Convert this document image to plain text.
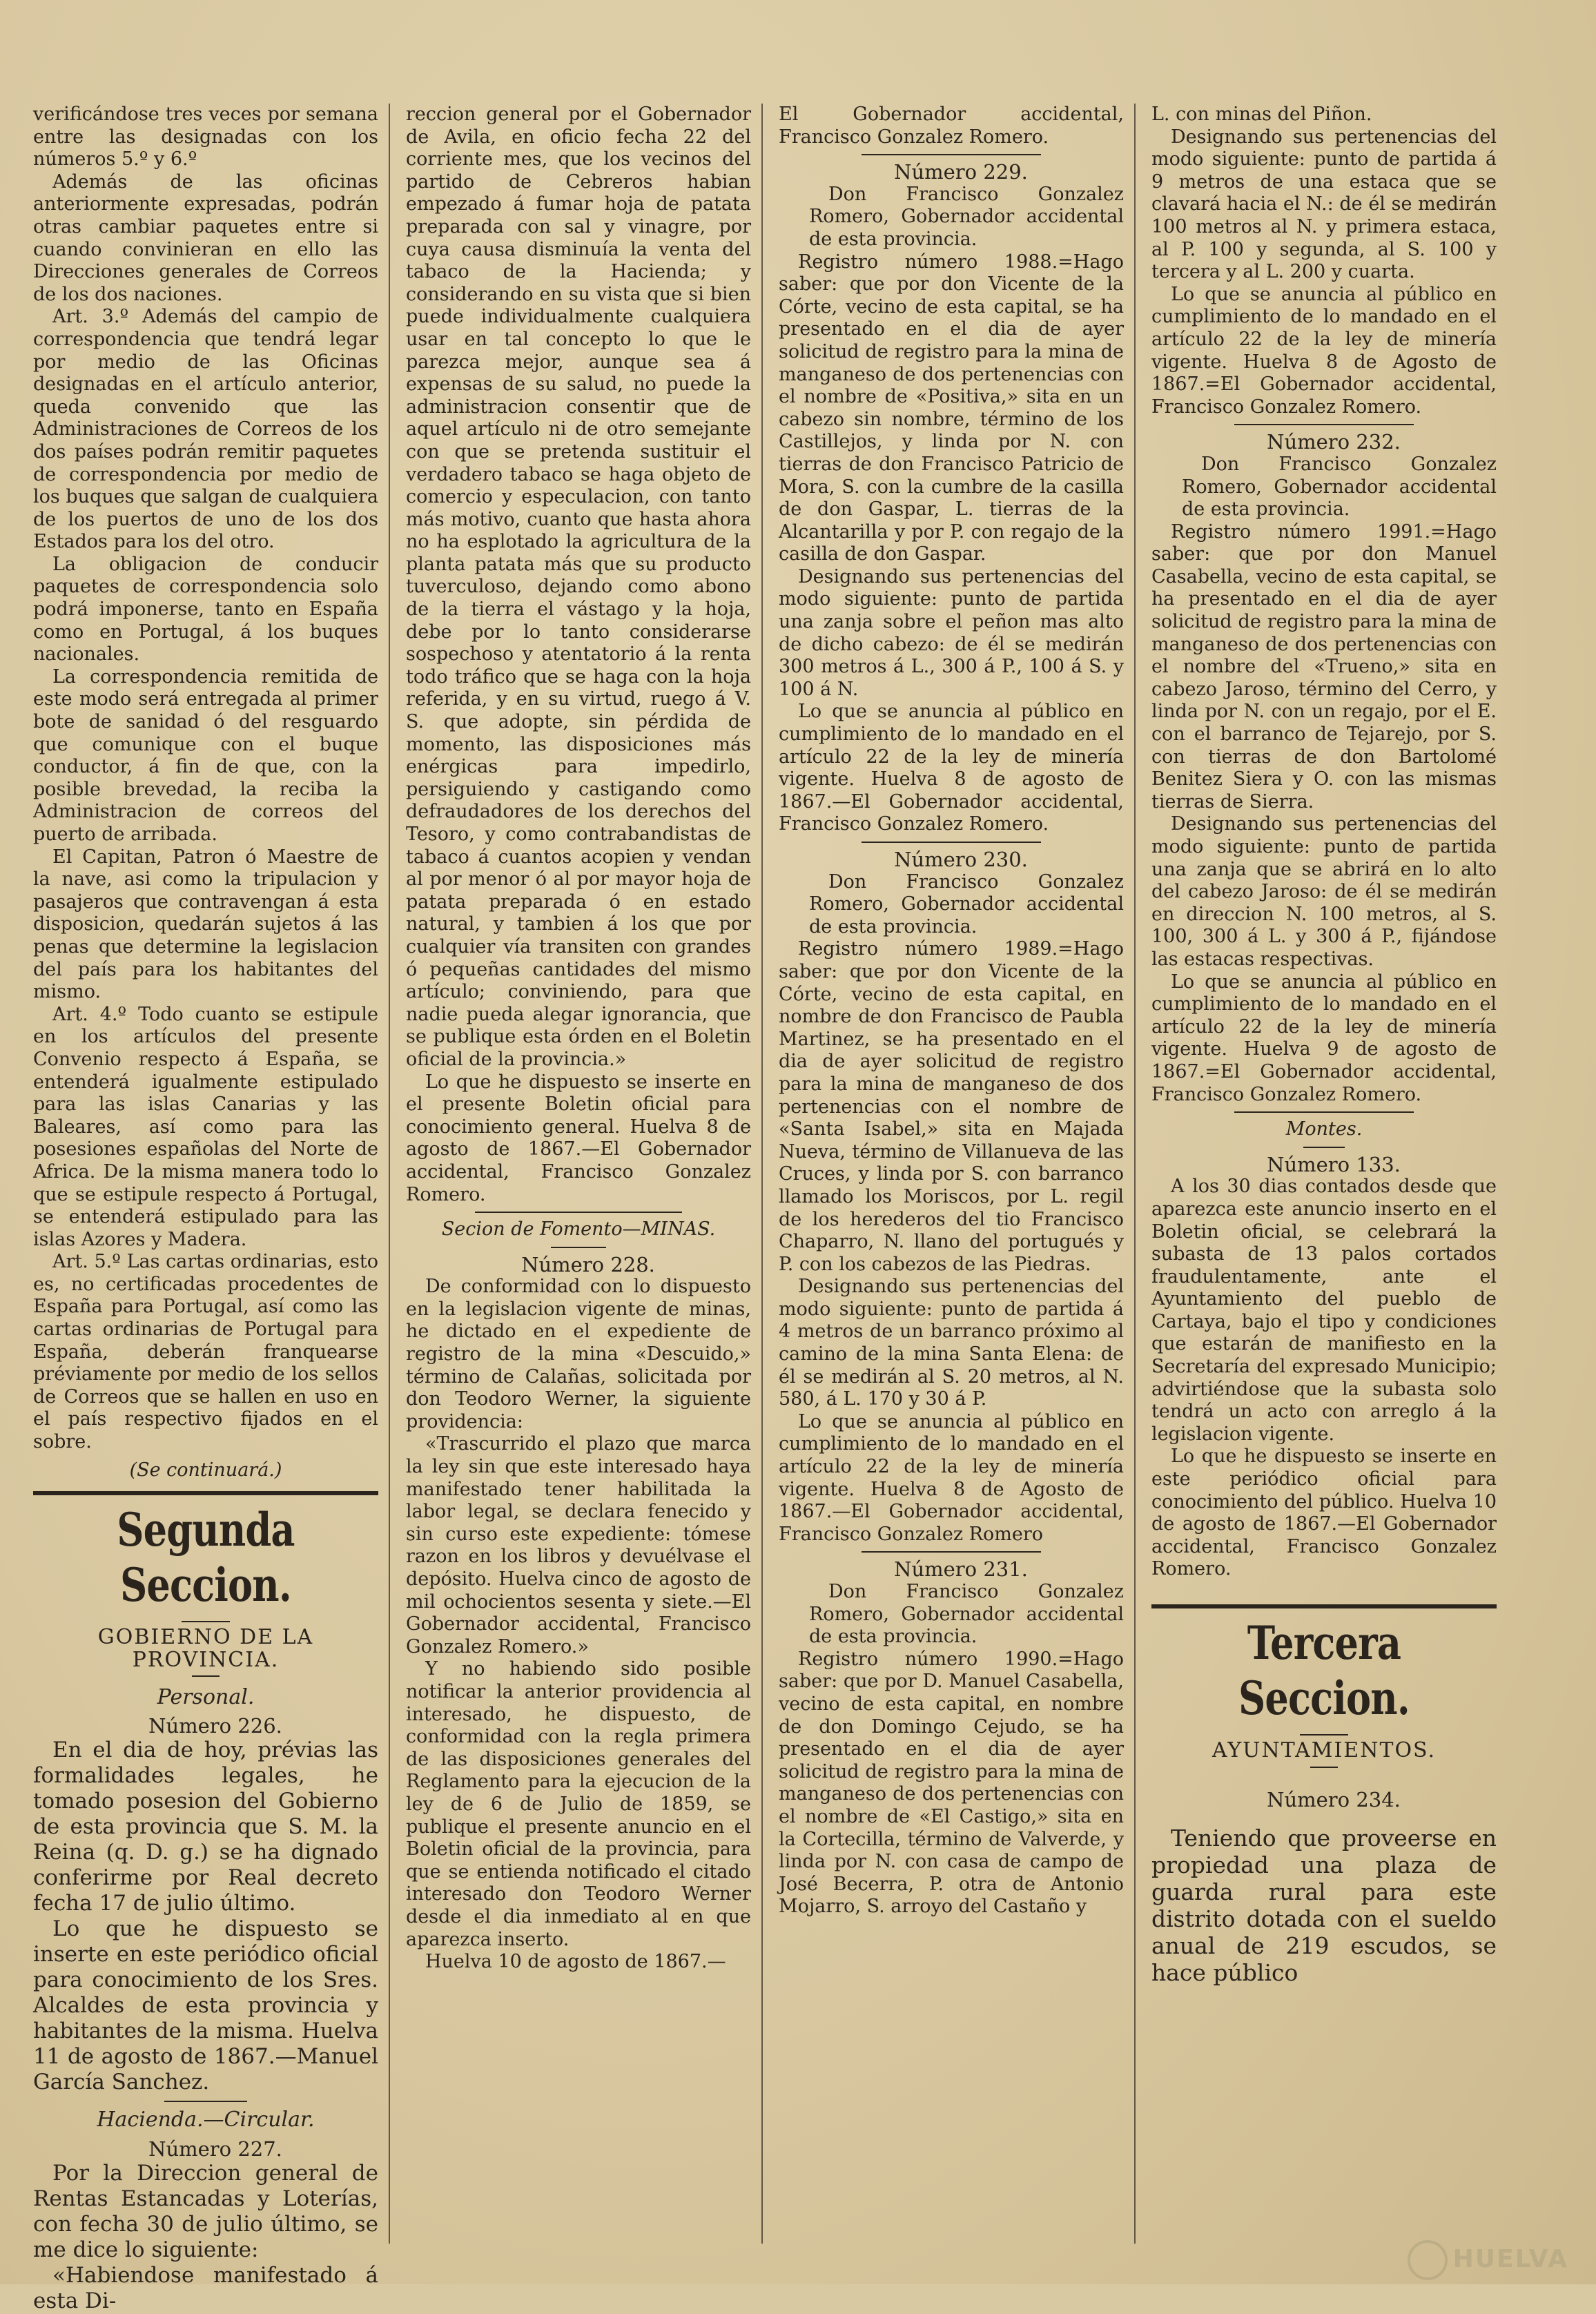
verificándose tres veces por semana entre las designadas con los números 5.º y 6.º

Además de las oficinas anteriormente expresadas, podrán otras cambiar paquetes entre si cuando convinieran en ello las Direcciones generales de Correos de los dos naciones.

Art. 3.º Además del campio de correspondencia que tendrá legar por medio de las Oficinas designadas en el artículo anterior, queda convenido que las Administraciones de Correos de los dos países podrán remitir paquetes de correspondencia por medio de los buques que salgan de cualquiera de los puertos de uno de los dos Estados para los del otro.

La obligacion de conducir paquetes de correspondencia solo podrá imponerse, tanto en España como en Portugal, á los buques nacionales.

La correspondencia remitida de este modo será entregada al primer bote de sanidad ó del resguardo que comunique con el buque conductor, á fin de que, con la posible brevedad, la reciba la Administracion de correos del puerto de arribada.

El Capitan, Patron ó Maestre de la nave, asi como la tripulacion y pasajeros que contravengan á esta disposicion, quedarán sujetos á las penas que determine la legislacion del país para los habitantes del mismo.

Art. 4.º Todo cuanto se estipule en los artículos del presente Convenio respecto á España, se entenderá igualmente estipulado para las islas Canarias y las Baleares, así como para las posesiones españolas del Norte de Africa. De la misma manera todo lo que se estipule respecto á Portugal, se entenderá estipulado para las islas Azores y Madera.

Art. 5.º Las cartas ordinarias, esto es, no certificadas procedentes de España para Portugal, así como las cartas ordinarias de Portugal para España, deberán franquearse préviamente por medio de los sellos de Correos que se hallen en uso en el país respectivo fijados en el sobre.

(Se continuará.)

Segunda Seccion.
GOBIERNO DE LA PROVINCIA.

Personal.

Número 226.

En el dia de hoy, prévias las formalidades legales, he tomado posesion del Gobierno de esta provincia que S. M. la Reina (q. D. g.) se ha dignado conferirme por Real decreto fecha 17 de julio último.

Lo que he dispuesto se inserte en este periódico oficial para conocimiento de los Sres. Alcaldes de esta provincia y habitantes de la misma. Huelva 11 de agosto de 1867.—Manuel García Sanchez.

Hacienda.—Circular.

Número 227.

Por la Direccion general de Rentas Estancadas y Loterías, con fecha 30 de julio último, se me dice lo siguiente:

«Habiendose manifestado á esta Di-

reccion general por el Gobernador de Avila, en oficio fecha 22 del corriente mes, que los vecinos del partido de Cebreros habian empezado á fumar hoja de patata preparada con sal y vinagre, por cuya causa disminuía la venta del tabaco de la Hacienda; y considerando en su vista que si bien puede individualmente cualquiera usar en tal concepto lo que le parezca mejor, aunque sea á expensas de su salud, no puede la administracion consentir que de aquel artículo ni de otro semejante con que se pretenda sustituir el verdadero tabaco se haga objeto de comercio y especulacion, con tanto más motivo, cuanto que hasta ahora no ha esplotado la agricultura de la planta patata más que su producto tuverculoso, dejando como abono de la tierra el vástago y la hoja, debe por lo tanto considerarse sospechoso y atentatorio á la renta todo tráfico que se haga con la hoja referida, y en su virtud, ruego á V. S. que adopte, sin pérdida de momento, las disposiciones más enérgicas para impedirlo, persiguiendo y castigando como defraudadores de los derechos del Tesoro, y como contrabandistas de tabaco á cuantos acopien y vendan al por menor ó al por mayor hoja de patata preparada ó en estado natural, y tambien á los que por cualquier vía transiten con grandes ó pequeñas cantidades del mismo artículo; conviniendo, para que nadie pueda alegar ignorancia, que se publique esta órden en el Boletin oficial de la provincia.»

Lo que he dispuesto se inserte en el presente Boletin oficial para conocimiento general. Huelva 8 de agosto de 1867.—El Gobernador accidental, Francisco Gonzalez Romero.

Secion de Fomento—MINAS.

Número 228.

De conformidad con lo dispuesto en la legislacion vigente de minas, he dictado en el expediente de registro de la mina «Descuido,» término de Calañas, solicitada por don Teodoro Werner, la siguiente providencia:

«Trascurrido el plazo que marca la ley sin que este interesado haya manifestado tener habilitada la labor legal, se declara fenecido y sin curso este expediente: tómese razon en los libros y devuélvase el depósito. Huelva cinco de agosto de mil ochocientos sesenta y siete.—El Gobernador accidental, Francisco Gonzalez Romero.»

Y no habiendo sido posible notificar la anterior providencia al interesado, he dispuesto, de conformidad con la regla primera de las disposiciones generales del Reglamento para la ejecucion de la ley de 6 de Julio de 1859, se publique el presente anuncio en el Boletin oficial de la provincia, para que se entienda notificado el citado interesado don Teodoro Werner desde el dia inmediato al en que aparezca inserto.

Huelva 10 de agosto de 1867.—

El Gobernador accidental, Francisco Gonzalez Romero.

Número 229.

Don Francisco Gonzalez Romero, Gobernador accidental de esta provincia.

Registro número 1988.=Hago saber: que por don Vicente de la Córte, vecino de esta capital, se ha presentado en el dia de ayer solicitud de registro para la mina de manganeso de dos pertenencias con el nombre de «Positiva,» sita en un cabezo sin nombre, término de los Castillejos, y linda por N. con tierras de don Francisco Patricio de Mora, S. con la cumbre de la casilla de don Gaspar, L. tierras de la Alcantarilla y por P. con regajo de la casilla de don Gaspar.

Designando sus pertenencias del modo siguiente: punto de partida una zanja sobre el peñon mas alto de dicho cabezo: de él se medirán 300 metros á L., 300 á P., 100 á S. y 100 á N.

Lo que se anuncia al público en cumplimiento de lo mandado en el artículo 22 de la ley de minería vigente. Huelva 8 de agosto de 1867.—El Gobernador accidental, Francisco Gonzalez Romero.

Número 230.

Don Francisco Gonzalez Romero, Gobernador accidental de esta provincia.

Registro número 1989.=Hago saber: que por don Vicente de la Córte, vecino de esta capital, en nombre de don Francisco de Paubla Martinez, se ha presentado en el dia de ayer solicitud de registro para la mina de manganeso de dos pertenencias con el nombre de «Santa Isabel,» sita en Majada Nueva, término de Villanueva de las Cruces, y linda por S. con barranco llamado los Moriscos, por L. regil de los herederos del tio Francisco Chaparro, N. llano del portugués y P. con los cabezos de las Piedras.

Designando sus pertenencias del modo siguiente: punto de partida á 4 metros de un barranco próximo al camino de la mina Santa Elena: de él se medirán al S. 20 metros, al N. 580, á L. 170 y 30 á P.

Lo que se anuncia al público en cumplimiento de lo mandado en el artículo 22 de la ley de minería vigente. Huelva 8 de Agosto de 1867.—El Gobernador accidental, Francisco Gonzalez Romero

Número 231.

Don Francisco Gonzalez Romero, Gobernador accidental de esta provincia.

Registro número 1990.=Hago saber: que por D. Manuel Casabella, vecino de esta capital, en nombre de don Domingo Cejudo, se ha presentado en el dia de ayer solicitud de registro para la mina de manganeso de dos pertenencias con el nombre de «El Castigo,» sita en la Cortecilla, término de Valverde, y linda por N. con casa de campo de José Becerra, P. otra de Antonio Mojarro, S. arroyo del Castaño y

L. con minas del Piñon.

Designando sus pertenencias del modo siguiente: punto de partida á 9 metros de una estaca que se clavará hacia el N.: de él se medirán 100 metros al N. y primera estaca, al P. 100 y segunda, al S. 100 y tercera y al L. 200 y cuarta.

Lo que se anuncia al público en cumplimiento de lo mandado en el artículo 22 de la ley de minería vigente. Huelva 8 de Agosto de 1867.=El Gobernador accidental, Francisco Gonzalez Romero.

Número 232.

Don Francisco Gonzalez Romero, Gobernador accidental de esta provincia.

Registro número 1991.=Hago saber: que por don Manuel Casabella, vecino de esta capital, se ha presentado en el dia de ayer solicitud de registro para la mina de manganeso de dos pertenencias con el nombre del «Trueno,» sita en cabezo Jaroso, término del Cerro, y linda por N. con un regajo, por el E. con el barranco de Tejarejo, por S. con tierras de don Bartolomé Benitez Siera y O. con las mismas tierras de Sierra.

Designando sus pertenencias del modo siguiente: punto de partida una zanja que se abrirá en lo alto del cabezo Jaroso: de él se medirán en direccion N. 100 metros, al S. 100, 300 á L. y 300 á P., fijándose las estacas respectivas.

Lo que se anuncia al público en cumplimiento de lo mandado en el artículo 22 de la ley de minería vigente. Huelva 9 de agosto de 1867.=El Gobernador accidental, Francisco Gonzalez Romero.

Montes.

Número 133.

A los 30 dias contados desde que aparezca este anuncio inserto en el Boletin oficial, se celebrará la subasta de 13 palos cortados fraudulentamente, ante el Ayuntamiento del pueblo de Cartaya, bajo el tipo y condiciones que estarán de manifiesto en la Secretaría del expresado Municipio; advirtiéndose que la subasta solo tendrá un acto con arreglo á la legislacion vigente.

Lo que he dispuesto se inserte en este periódico oficial para conocimiento del público. Huelva 10 de agosto de 1867.—El Gobernador accidental, Francisco Gonzalez Romero.

Tercera Seccion.
AYUNTAMIENTOS.

Número 234.

Teniendo que proveerse en propiedad una plaza de guarda rural para este distrito dotada con el sueldo anual de 219 escudos, se hace público

HUELVA
